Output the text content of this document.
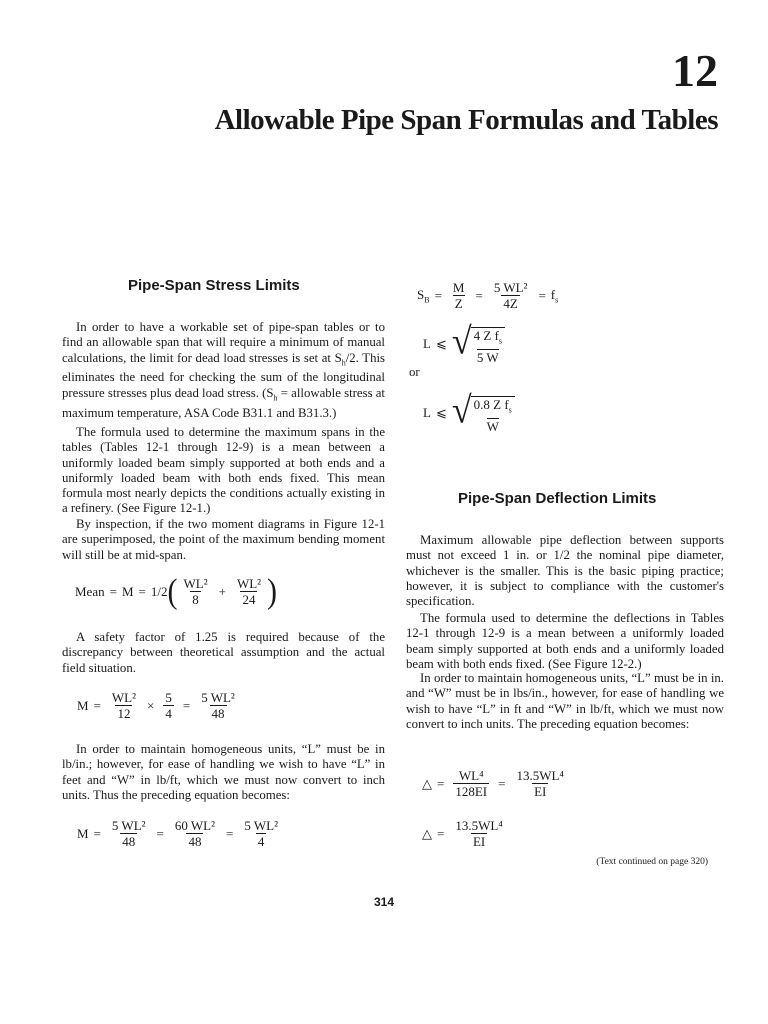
12
Allowable Pipe Span Formulas and Tables
Pipe-Span Stress Limits

In order to have a workable set of pipe-span tables or to find an allowable span that will require a minimum of manual calculations, the limit for dead load stresses is set at $S_h/2$. This eliminates the need for checking the sum of the longitudinal pressure stresses plus dead load stress. ($S_h$ = allowable stress at maximum temperature, ASA Code B31.1 and B31.3.)

The formula used to determine the maximum spans in the tables (Tables 12-1 through 12-9) is a mean between a uniformly loaded beam simply supported at both ends and a uniformly loaded beam with both ends fixed. This mean formula most nearly depicts the conditions actually existing in a refinery. (See Figure 12-1.)

By inspection, if the two moment diagrams in Figure 12-1 are superimposed, the point of the maximum bending moment will still be at mid-span.

Mean = M = 1/2 ( $\frac{\text{WL²}}{8} + \frac{\text{WL²}}{24}$ )

A safety factor of 1.25 is required because of the discrepancy between theoretical assumption and the actual field situation.

$M = \frac{\text{WL²}}{12} \times \frac{5}{4} = \frac{\text{5 WL²}}{48}$

In order to maintain homogeneous units, “L” must be in lb/in.; however, for ease of handling we wish to have “L” in feet and “W” in lb/ft, which we must now convert to inch units. Thus the preceding equation becomes:

$M = \frac{\text{5 WL²}}{48} = \frac{\text{60 WL²}}{48} = \frac{\text{5 WL²}}{4}$
$S_B = \frac{M}{Z} = \frac{\text{5 WL²}}{4Z} = f_s$
L ⩽ √ 4 Z $f_s$
5 W
or
L ⩽ √ 0.8 Z $f_s$
W
Pipe-Span Deflection Limits

Maximum allowable pipe deflection between supports must not exceed 1 in. or 1/2 the nominal pipe diameter, whichever is the smaller. This is the basic piping practice; however, it is subject to compliance with the customer's specification.

The formula used to determine the deflections in Tables 12-1 through 12-9 is a mean between a uniformly loaded beam simply supported at both ends and a uniformly loaded beam with both ends fixed. (See Figure 12-2.)

In order to maintain homogeneous units, “L” must be in in. and “W” must be in lbs/in., however, for ease of handling we wish to have “L” in ft and “W” in lb/ft, which we must now convert to inch units. The preceding equation becomes:

△ = $\frac{\text{WL⁴}}{128EI} = \frac{\text{13.5WL⁴}}{EI}$
△ = $\frac{\text{13.5WL⁴}}{EI}$
(Text continued on page 320)
314
